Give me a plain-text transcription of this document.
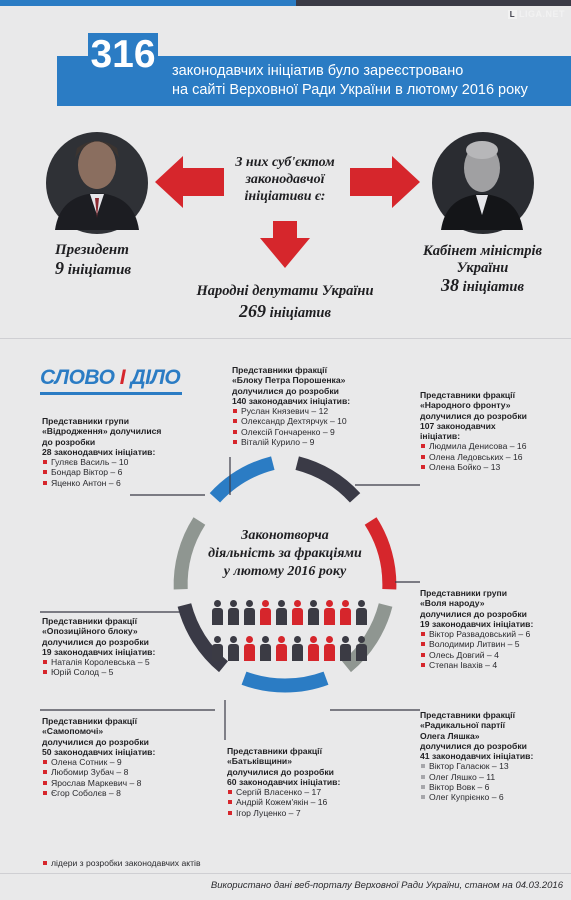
L LIGA.NET
316 законодавчих ініціатив було зареєстровано
на сайті Верховної Ради України в лютому 2016 року
З них суб'єктом
законодавчої
ініціативи є:
Президент
9 ініціатив
Кабінет міністрів
України
38 ініціатив
Народні депутати України
269 ініціатив
СЛОВО І ДІЛО
Законотворча
діяльність за фракціями
у лютому 2016 року
Представники фракції
«Блоку Петра Порошенка»
долучилися до розробки
140 законодавчих ініціатив:
Руслан Князевич – 12
Олександр Дехтярчук – 10
Олексій Гончаренко – 9
Віталій Курило – 9
Представники фракції
«Народного фронту»
долучилися до розробки
107 законодавчих
ініціатив:
Людмила Денисова – 16
Олена Ледовських – 16
Олена Бойко – 13
Представники групи
«Відродження» долучилися
до розробки
28 законодавчих ініціатив:
Гуляєв Василь – 10
Бондар Віктор – 6
Яценко Антон – 6
Представники групи
«Воля народу»
долучилися до розробки
19 законодавчих ініціатив:
Віктор Развадовський – 6
Володимир Литвин – 5
Олесь Довгий – 4
Степан Івахів – 4
Представники фракції
«Опозиційного блоку»
долучилися до розробки
19 законодавчих ініціатив:
Наталія Королевська – 5
Юрій Солод – 5
Представники фракції
«Самопомочі»
долучилися до розробки
50 законодавчих ініціатив:
Олена Сотник – 9
Любомир Зубач – 8
Ярослав Маркевич – 8
Єгор Соболєв – 8
Представники фракції
«Батьківщини»
долучилися до розробки
60 законодавчих ініціатив:
Сергій Власенко – 17
Андрій Кожем'якін – 16
Ігор Луценко – 7
Представники фракції
«Радикальної партії
Олега Ляшка»
долучилися до розробки
41 законодавчих ініціатив:
Віктор Галасюк – 13
Олег Ляшко – 11
Віктор Вовк – 6
Олег Купрієнко – 6
лідери з розробки законодавчих актів
Використано дані веб-порталу Верховної Ради України, станом на 04.03.2016
